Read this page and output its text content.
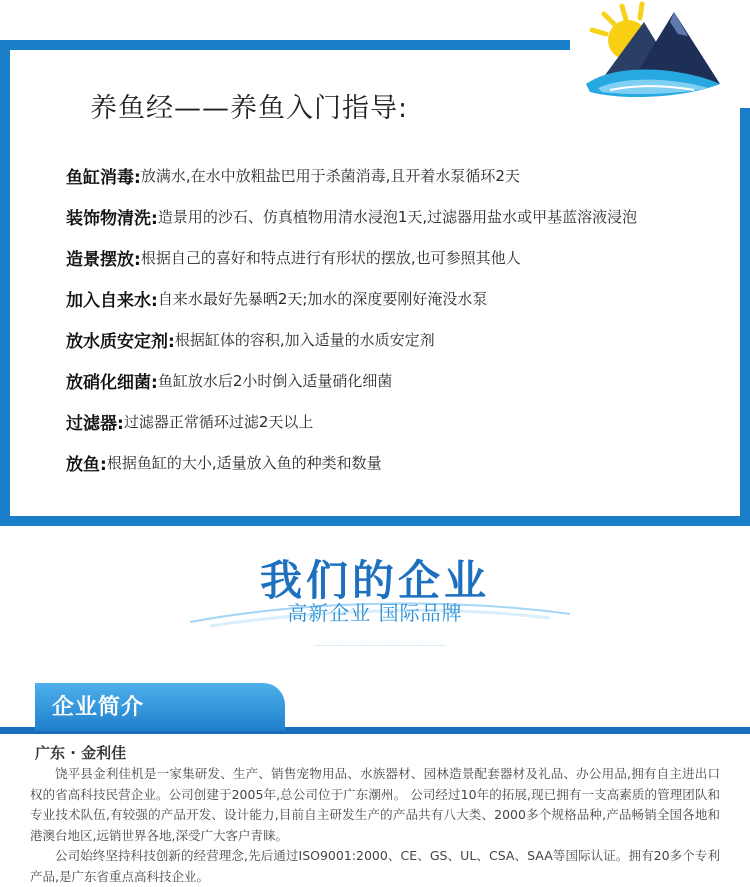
养鱼经——养鱼入门指导:
鱼缸消毒: 放满水,在水中放粗盐巴用于杀菌消毒,且开着水泵循环2天
装饰物清洗: 造景用的沙石、仿真植物用清水浸泡1天,过滤器用盐水或甲基蓝溶液浸泡
造景摆放: 根据自己的喜好和特点进行有形状的摆放,也可参照其他人
加入自来水: 自来水最好先暴晒2天;加水的深度要刚好淹没水泵
放水质安定剂: 根据缸体的容积,加入适量的水质安定剂
放硝化细菌: 鱼缸放水后2小时倒入适量硝化细菌
过滤器: 过滤器正常循环过滤2天以上
放鱼: 根据鱼缸的大小,适量放入鱼的种类和数量
我们的企业
高新企业 国际品牌
········································································································
企业简介
广东 · 金利佳

饶平县金利佳机是一家集研发、生产、销售宠物用品、水族器材、园林造景配套器材及礼品、办公用品,拥有自主进出口权的省高科技民营企业。公司创建于2005年,总公司位于广东潮州。 公司经过10年的拓展,现已拥有一支高素质的管理团队和专业技术队伍,有较强的产品开发、设计能力,目前自主研发生产的产品共有八大类、2000多个规格品种,产品畅销全国各地和港澳台地区,远销世界各地,深受广大客户青睐。

公司始终坚持科技创新的经营理念,先后通过ISO9001:2000、CE、GS、UL、CSA、SAA等国际认证。拥有20多个专利产品,是广东省重点高科技企业。
